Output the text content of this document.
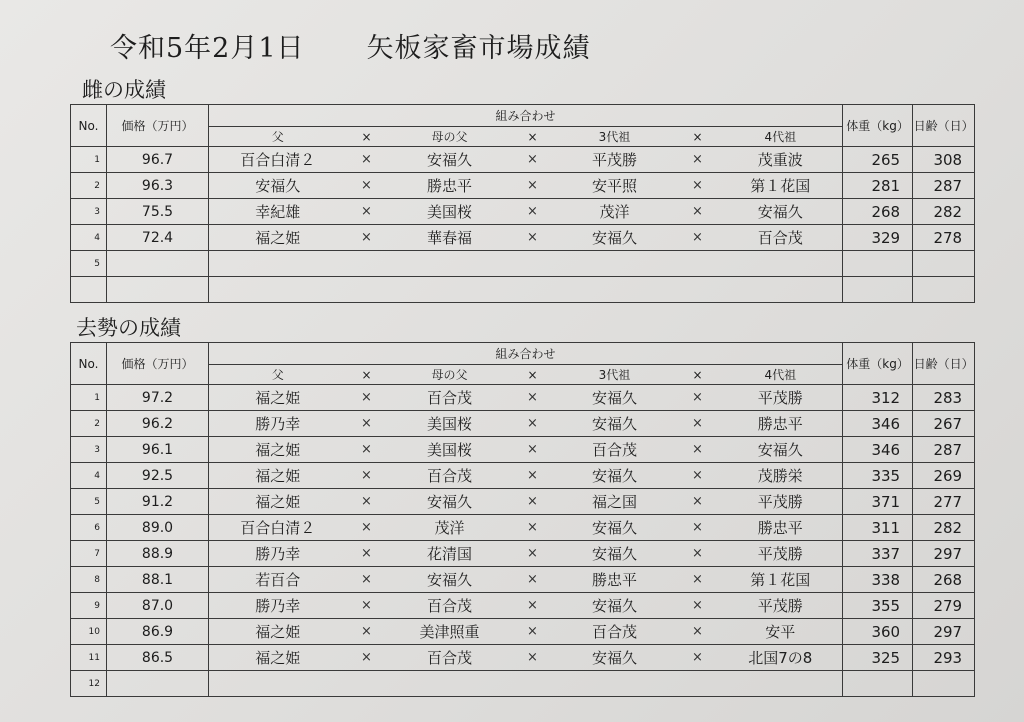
令和5年2月1日 矢板家畜市場成績
雌の成績
No.	価格（万円）	組み合わせ							体重（kg）	日齢（日）
		父	×	母の父	×	3代祖	×	4代祖		
1	96.7	百合白清２	×	安福久	×	平茂勝	×	茂重波	265	308
2	96.3	安福久	×	勝忠平	×	安平照	×	第１花国	281	287
3	75.5	幸紀雄	×	美国桜	×	茂洋	×	安福久	268	282
4	72.4	福之姫	×	華春福	×	安福久	×	百合茂	329	278
5										

去勢の成績
No.	価格（万円）	組み合わせ							体重（kg）	日齢（日）
		父	×	母の父	×	3代祖	×	4代祖		
1	97.2	福之姫	×	百合茂	×	安福久	×	平茂勝	312	283
2	96.2	勝乃幸	×	美国桜	×	安福久	×	勝忠平	346	267
3	96.1	福之姫	×	美国桜	×	百合茂	×	安福久	346	287
4	92.5	福之姫	×	百合茂	×	安福久	×	茂勝栄	335	269
5	91.2	福之姫	×	安福久	×	福之国	×	平茂勝	371	277
6	89.0	百合白清２	×	茂洋	×	安福久	×	勝忠平	311	282
7	88.9	勝乃幸	×	花清国	×	安福久	×	平茂勝	337	297
8	88.1	若百合	×	安福久	×	勝忠平	×	第１花国	338	268
9	87.0	勝乃幸	×	百合茂	×	安福久	×	平茂勝	355	279
10	86.9	福之姫	×	美津照重	×	百合茂	×	安平	360	297
11	86.5	福之姫	×	百合茂	×	安福久	×	北国7の8	325	293
12										
